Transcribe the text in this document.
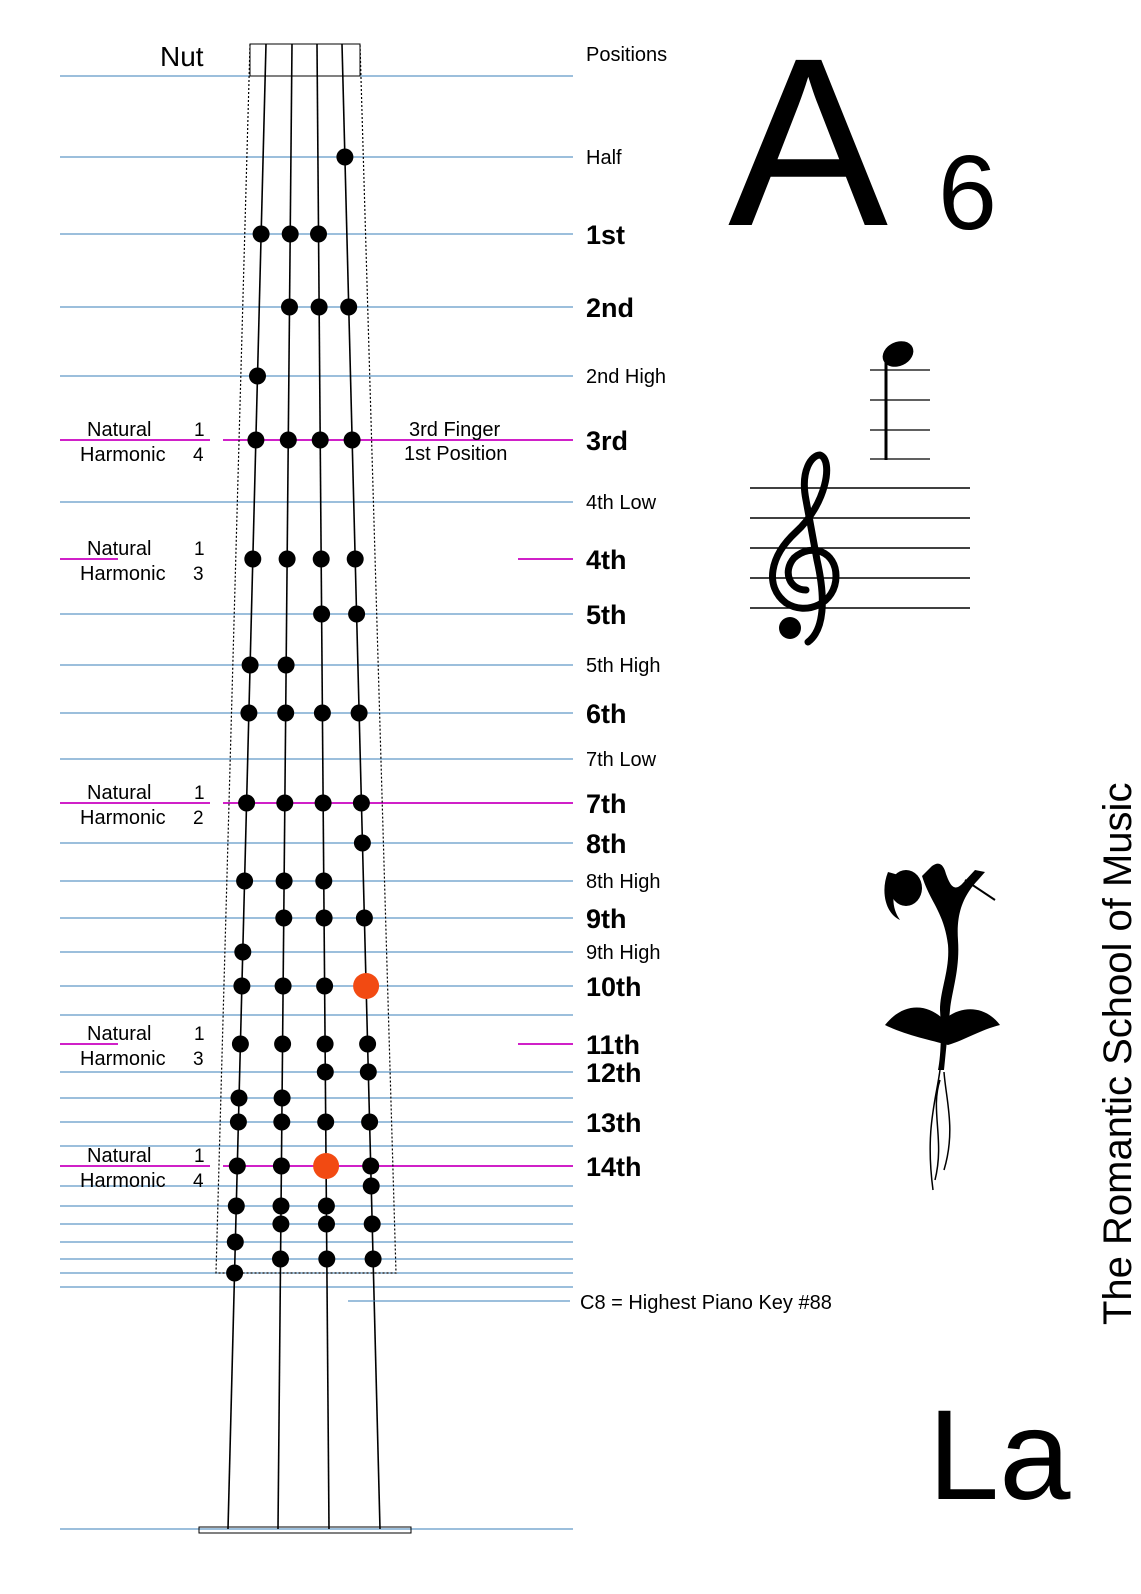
A 6
La
The Romantic School of Music
Nut	Positions
3rd Finger
1st Position
C8 = Highest Piano Key #88
Half
1st
2nd
2nd High
3rd
4th Low
4th
5th
5th High
6th
7th Low
7th
8th
8th High
9th
9th High
10th
11th
12th
13th
14th
Natural
Harmonic
1
4
Natural
Harmonic
1
3
Natural
Harmonic
1
2
Natural
Harmonic
1
3
Natural
Harmonic
1
4
